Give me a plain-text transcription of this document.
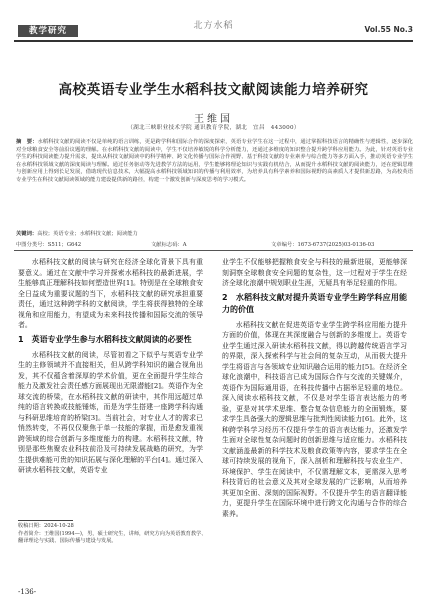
教学研究	北方水稻	Vol.55 No.3
高校英语专业学生水稻科技文献阅读能力培养研究
王维国
（湖北三峡职业技术学院 通识教育学院，湖北　宜昌　443000）
摘　要：水稻科技文献的阅读不仅是单纯的语言训练，更是跨学科和国际合作的深度探索，英语专业学生在这一过程中，通过掌握科技语言的精确性与逻辑性，逐步深化对全球粮食安全等前沿议题的理解。在水稻科技文献的阅读中，学生不仅培养敏锐的科学分析能力，还通过多维度的知识整合提升跨学科应用能力。为此，针对英语专业学生的科技阅读能力提升需求，提出从科技文献阅读中的科学精神、跨文化传播与国际合作视野、基于科技文献的专业素养与综合能力等多方面入手，推动英语专业学生在水稻科技领域文献的深度阅读与理解。通过任务驱动等先进教学方法的运用，学生能够将理论知识与实践有机结合，从而提升水稻科技文献的阅读能力，还在逻辑思维与创新应用上得到长足发展，借助现代信息技术，大幅提高水稻科技领域知识的传播与利用效率，为培养具有科学素养和国际视野的高素质人才提供新思路，为高校英语专业学生在科技文献阅读领域的能力建设提供新的路径，构建一个激发创新与深度思考的学习模式。
关键词：高校；英语专业；水稻科技文献；阅读能力
中图分类号：S511；G642	文献标志码：A	文章编号：1673-6737(2025)03-0136-03

水稻科技文献的阅读与研究在经济全球化背景下具有重要意义。通过在文献中学习并探索水稻科技的最新进展，学生能够真正理解科技如何塑造世界[1]。特别是在全球粮食安全日益成为重要议题的当下，水稻科技文献的研究承担重要责任，通过这种跨学科的文献阅读，学生将获得独特的全球视角和应用能力，有望成为未来科技传播和国际交流的领导者。

1　英语专业学生参与水稻科技文献阅读的必要性

水稻科技文献的阅读，尽管初看之下似乎与英语专业学生的主修领域并不直接相关，但从跨学科知识的融合视角出发，其不仅蕴含着深厚的学术价值，更在全面提升学生综合能力及激发社会责任感方面展现出无限潜能[2]。英语作为全球交流的桥梁，在水稻科技文献的研读中，其作用远超过单纯的语言转换或技能锤炼，而是为学生搭建一座跨学科沟通与科研思维培育的桥梁[3]。当前社会，对专业人才的需求已悄然转变，不再仅仅聚焦于单一技能的掌握，而是愈发重视跨领域的综合创新与多维度能力的构建。水稻科技文献，特别是那些焦聚农业科技前沿及可持续发展战略的研究，为学生提供难能可贵的知识拓展与深化理解的平台[4]。通过深入研读水稻科技文献，英语专业

业学生不仅能够把握粮食安全与科技的最新进展，更能够深刻洞察全球粮食安全问题的复杂性，这一过程对于学生在经济全球化浪潮中规划职业生涯，无疑具有举足轻重的作用。

2　水稻科技文献对提升英语专业学生跨学科应用能力的价值

水稻科技文献在促进英语专业学生跨学科应用能力提升方面的价值，体现在其深度融合与创新的多维度上。英语专业学生通过深入研读水稻科技文献，得以跨越传统语言学习的界限，深入探索科学与社会间的复杂互动，从而极大提升学生将语言与各领域专业知识融合运用的能力[5]。在经济全球化浪潮中，科技语言已成为国际合作与交流的关键媒介，英语作为国际通用语，在科技传播中占据举足轻重的地位。深入阅读水稻科技文献，不仅是对学生语言表达能力的考验，更是对其学术思维、整合复杂信息能力的全面锻炼，要求学生具备强大的逻辑思维与批判性阅读能力[6]。此外，这种跨学科学习经历不仅提升学生的语言表达能力，还激发学生面对全球性复杂问题时的创新思维与适应能力。水稻科技文献涵盖最新的科学技术及粮食政策等内容，要求学生在全球可持续发展的视角下，深入剖析和理解科技与农业生产、环境保护、学生在阅读中，不仅需理解文本，更需深入思考科技背后的社会意义及其对全球发展的广泛影响，从而培养其更加全面、深刻的国际视野。不仅提升学生的语言翻译能力，更提升学生在国际环境中进行跨文化沟通与合作的综合素养。

收稿日期：2024-10-28

作者简介：王维国(1994—)，男，硕士研究生，讲师，研究方向为英语教育教学、翻译理论与实践、国际传播与建设与发展。

-136-
